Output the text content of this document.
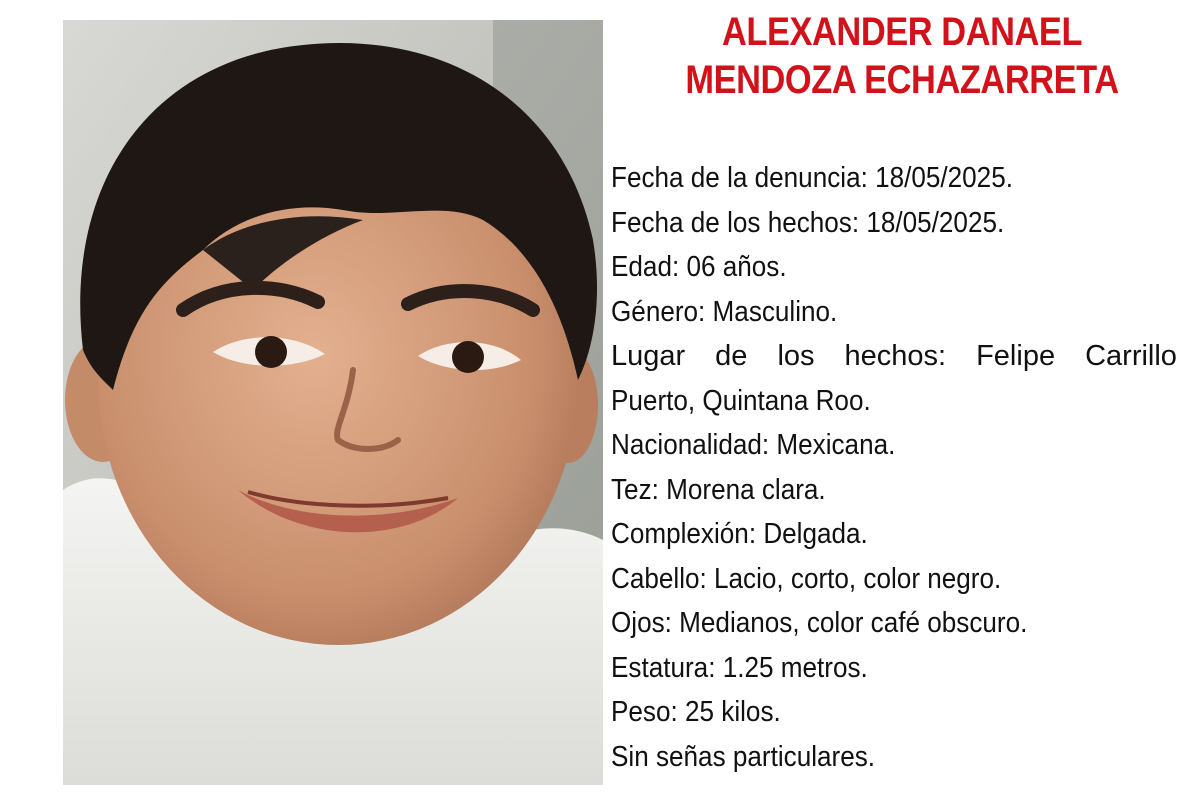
ALEXANDER DANAEL
MENDOZA ECHAZARRETA
Fecha de la denuncia: 18/05/2025.
Fecha de los hechos: 18/05/2025.
Edad: 06 años.
Género: Masculino.
Lugar de los hechos: Felipe Carrillo
Puerto, Quintana Roo.
Nacionalidad: Mexicana.
Tez: Morena clara.
Complexión: Delgada.
Cabello: Lacio, corto, color negro.
Ojos: Medianos, color café obscuro.
Estatura: 1.25 metros.
Peso: 25 kilos.
Sin señas particulares.
